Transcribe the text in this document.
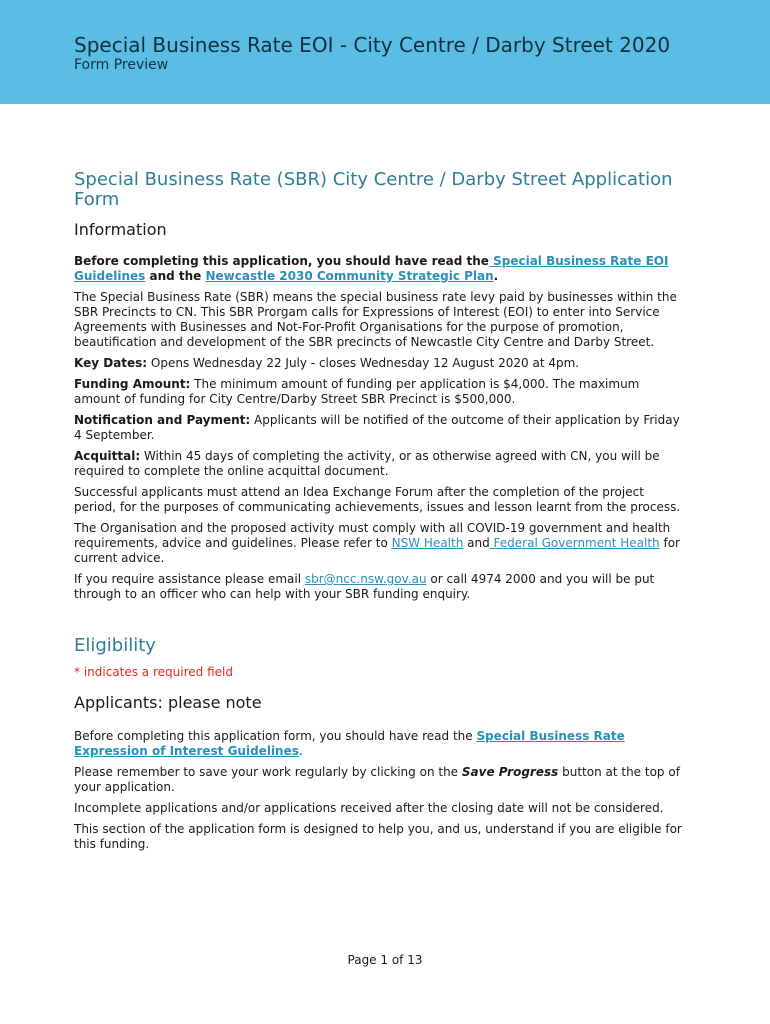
Special Business Rate EOI - City Centre / Darby Street 2020
Form Preview
Special Business Rate (SBR) City Centre / Darby Street Application Form
Information

Before completing this application, you should have read the Special Business Rate EOI Guidelines and the Newcastle 2030 Community Strategic Plan.

The Special Business Rate (SBR) means the special business rate levy paid by businesses within the SBR Precincts to CN. This SBR Prorgam calls for Expressions of Interest (EOI) to enter into Service Agreements with Businesses and Not-For-Profit Organisations for the purpose of promotion, beautification and development of the SBR precincts of Newcastle City Centre and Darby Street.

Key Dates: Opens Wednesday 22 July - closes Wednesday 12 August 2020 at 4pm.

Funding Amount: The minimum amount of funding per application is $4,000. The maximum amount of funding for City Centre/Darby Street SBR Precinct is $500,000.

Notification and Payment: Applicants will be notified of the outcome of their application by Friday 4 September.

Acquittal: Within 45 days of completing the activity, or as otherwise agreed with CN, you will be required to complete the online acquittal document.

Successful applicants must attend an Idea Exchange Forum after the completion of the project period, for the purposes of communicating achievements, issues and lesson learnt from the process.

The Organisation and the proposed activity must comply with all COVID-19 government and health requirements, advice and guidelines. Please refer to NSW Health and Federal Government Health for current advice.

If you require assistance please email sbr@ncc.nsw.gov.au or call 4974 2000 and you will be put through to an officer who can help with your SBR funding enquiry.

Eligibility
* indicates a required field
Applicants: please note

Before completing this application form, you should have read the Special Business Rate Expression of Interest Guidelines.

Please remember to save your work regularly by clicking on the Save Progress button at the top of your application.

Incomplete applications and/or applications received after the closing date will not be considered.

This section of the application form is designed to help you, and us, understand if you are eligible for this funding.

Page 1 of 13
